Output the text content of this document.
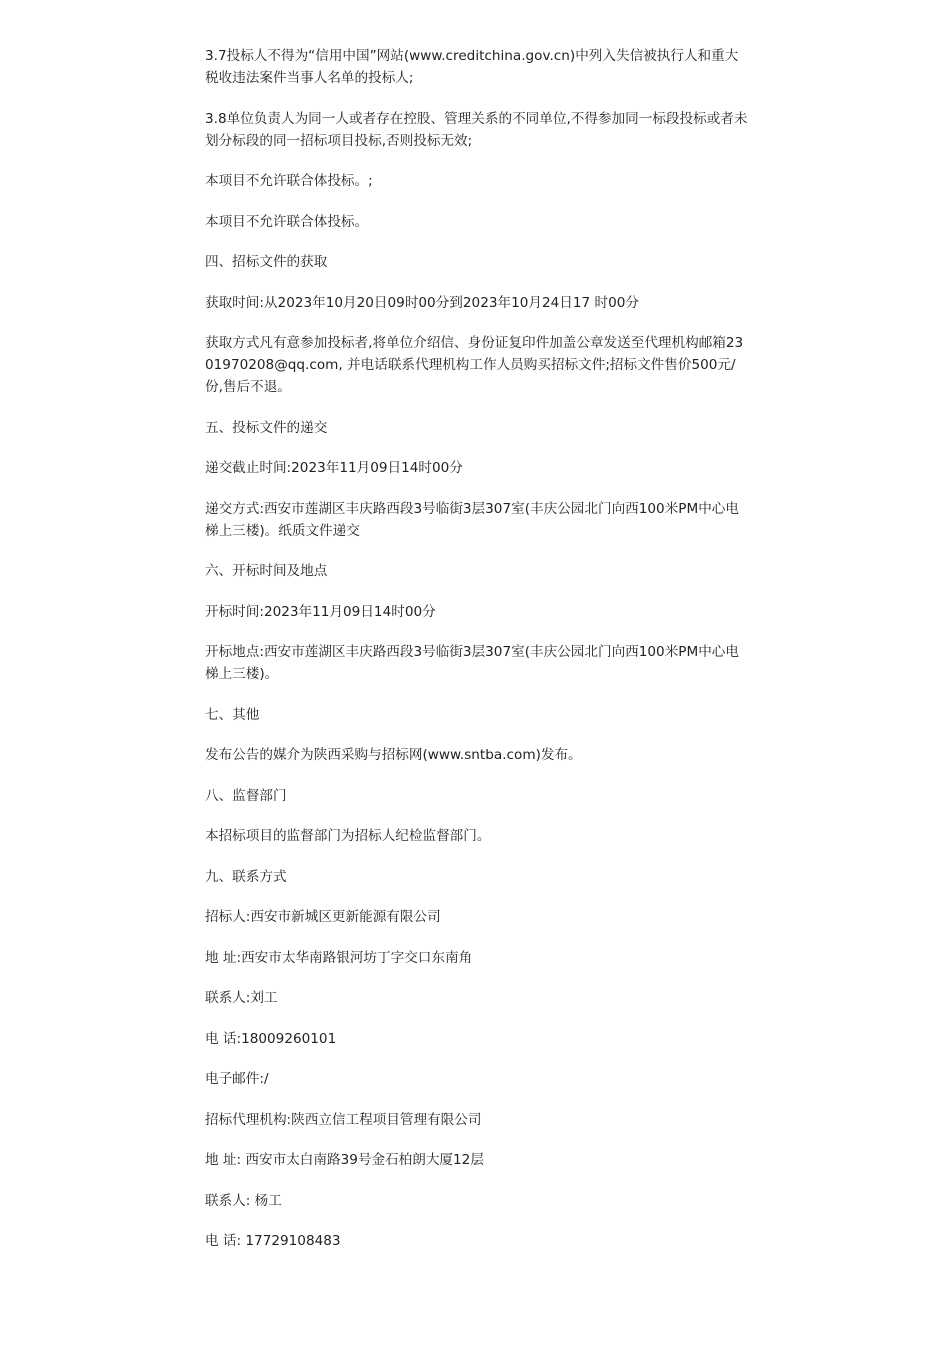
3.7投标人不得为“信用中国”网站(www.creditchina.gov.cn)中列入失信被执行人和重大税收违法案件当事人名单的投标人;

3.8单位负责人为同一人或者存在控股、管理关系的不同单位,不得参加同一标段投标或者未划分标段的同一招标项目投标,否则投标无效;

本项目不允许联合体投标。;

本项目不允许联合体投标。

四、招标文件的获取

获取时间:从2023年10月20日09时00分到2023年10月24日17 时00分

获取方式凡有意参加投标者,将单位介绍信、身份证复印件加盖公章发送至代理机构邮箱2301970208@qq.com, 并电话联系代理机构工作人员购买招标文件;招标文件售价500元/份,售后不退。

五、投标文件的递交

递交截止时间:2023年11月09日14时00分

递交方式:西安市莲湖区丰庆路西段3号临街3层307室(丰庆公园北门向西100米PM中心电梯上三楼)。纸质文件递交

六、开标时间及地点

开标时间:2023年11月09日14时00分

开标地点:西安市莲湖区丰庆路西段3号临街3层307室(丰庆公园北门向西100米PM中心电梯上三楼)。

七、其他

发布公告的媒介为陕西采购与招标网(www.sntba.com)发布。

八、监督部门

本招标项目的监督部门为招标人纪检监督部门。

九、联系方式

招标人:西安市新城区更新能源有限公司

地 址:西安市太华南路银河坊丁字交口东南角

联系人:刘工

电 话:18009260101

电子邮件:/

招标代理机构:陕西立信工程项目管理有限公司

地 址: 西安市太白南路39号金石柏朗大厦12层

联系人: 杨工

电 话: 17729108483
